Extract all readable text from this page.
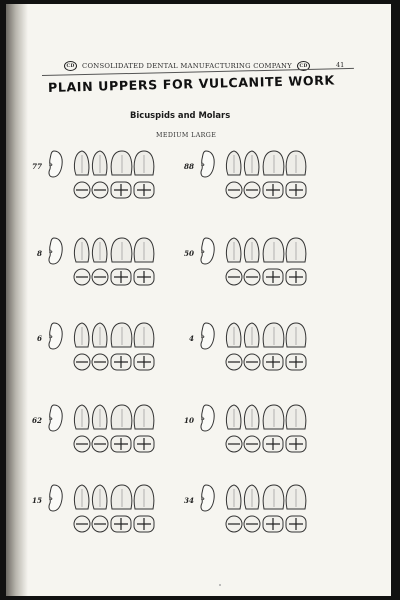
CD CONSOLIDATED DENTAL MANUFACTURING COMPANY CD	41
PLAIN UPPERS FOR VULCANITE WORK
Bicuspids and Molars
MEDIUM LARGE
77 b	88 b
8 b	50 b
6 b	4 b
62 b	10 b
15 b	34 b
